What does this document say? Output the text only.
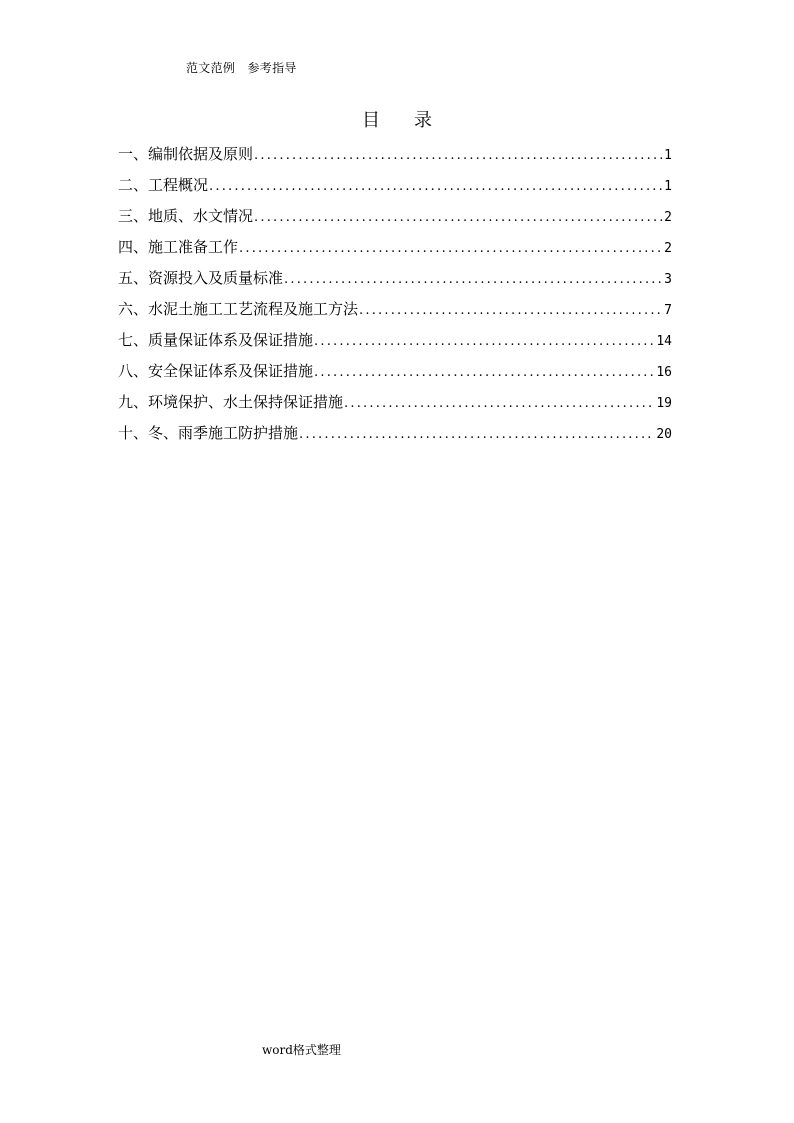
范文范例　参考指导
目 录
一、 编制依据及原则 .....	1
二、 工程概况 .....	1
三、 地质、水文情况 .....	2
四、 施工准备工作 .....	2
五、 资源投入及质量标准 .....	3
六、 水泥土施工工艺流程及施工方法 .....	7
七、 质量保证体系及保证措施 .....	14
八、 安全保证体系及保证措施 .....	16
九、 环境保护、水土保持保证措施 .....	19
十、 冬、雨季施工防护措施 .....	20
word格式整理
